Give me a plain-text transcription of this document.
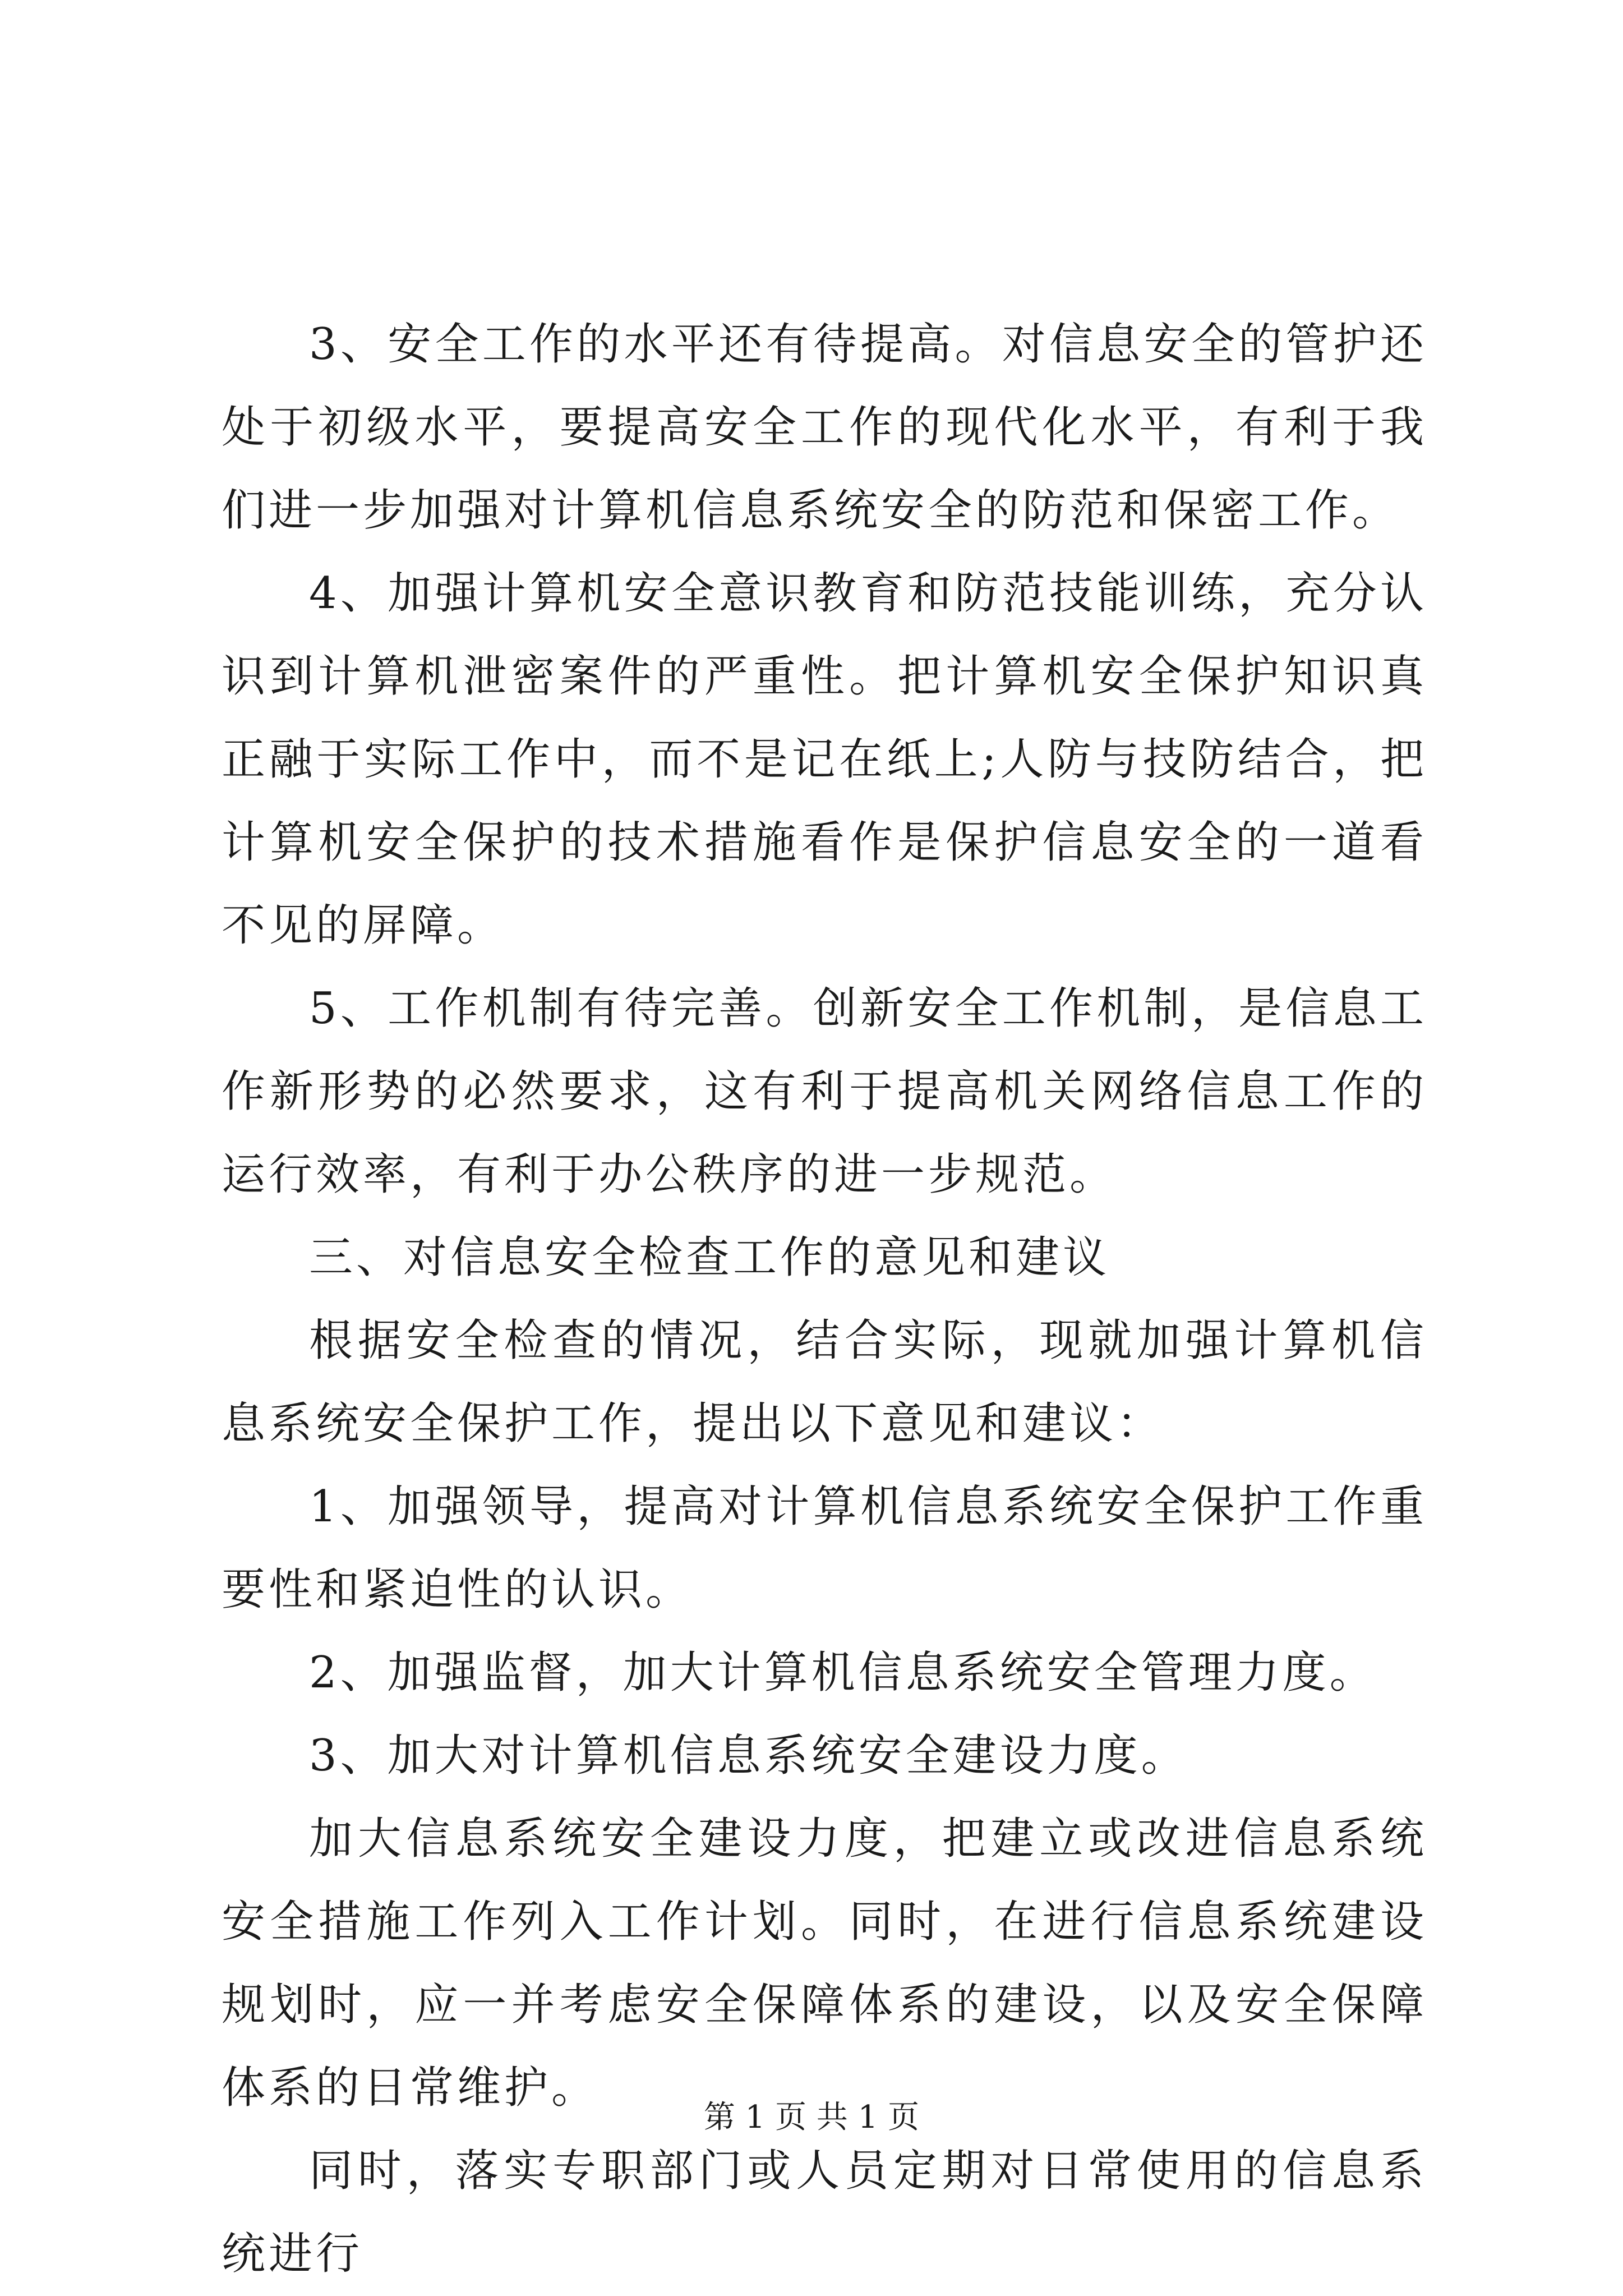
3、安全工作的水平还有待提高。对信息安全的管护还处于初级水平，要提高安全工作的现代化水平，有利于我们进一步加强对计算机信息系统安全的防范和保密工作。

4、加强计算机安全意识教育和防范技能训练，充分认识到计算机泄密案件的严重性。把计算机安全保护知识真正融于实际工作中，而不是记在纸上;人防与技防结合，把计算机安全保护的技术措施看作是保护信息安全的一道看不见的屏障。

5、工作机制有待完善。创新安全工作机制，是信息工作新形势的必然要求，这有利于提高机关网络信息工作的运行效率，有利于办公秩序的进一步规范。

三、对信息安全检查工作的意见和建议

根据安全检查的情况，结合实际，现就加强计算机信息系统安全保护工作，提出以下意见和建议：

1、加强领导，提高对计算机信息系统安全保护工作重要性和紧迫性的认识。

2、加强监督，加大计算机信息系统安全管理力度。

3、加大对计算机信息系统安全建设力度。

加大信息系统安全建设力度，把建立或改进信息系统安全措施工作列入工作计划。同时，在进行信息系统建设规划时，应一并考虑安全保障体系的建设，以及安全保障体系的日常维护。

同时，落实专职部门或人员定期对日常使用的信息系统进行

第 1 页 共 1 页
